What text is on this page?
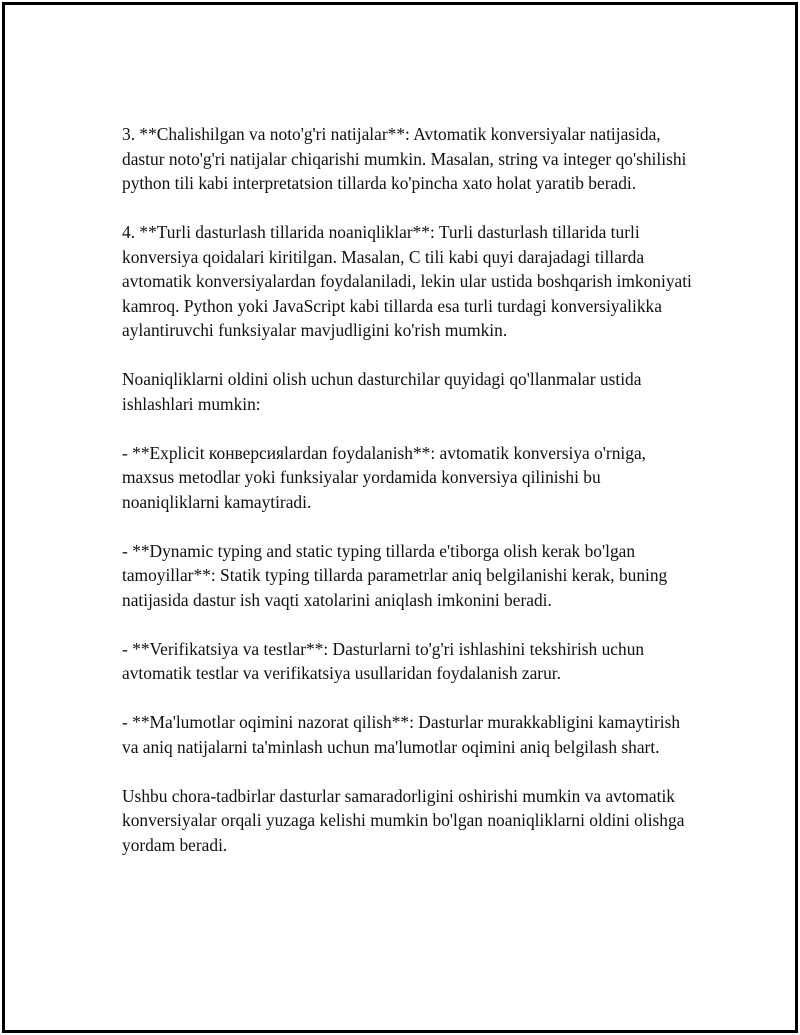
3. **Chalishilgan va noto'g'ri natijalar**: Avtomatik konversiyalar natijasida, dastur noto'g'ri natijalar chiqarishi mumkin. Masalan, string va integer qo'shilishi python tili kabi interpretatsion tillarda ko'pincha xato holat yaratib beradi.

4. **Turli dasturlash tillarida noaniqliklar**: Turli dasturlash tillarida turli konversiya qoidalari kiritilgan. Masalan, C tili kabi quyi darajadagi tillarda avtomatik konversiyalardan foydalaniladi, lekin ular ustida boshqarish imkoniyati kamroq. Python yoki JavaScript kabi tillarda esa turli turdagi konversiyalikka aylantiruvchi funksiyalar mavjudligini ko'rish mumkin.

Noaniqliklarni oldini olish uchun dasturchilar quyidagi qo'llanmalar ustida ishlashlari mumkin:

- **Explicit конверсияlardan foydalanish**: avtomatik konversiya o'rniga, maxsus metodlar yoki funksiyalar yordamida konversiya qilinishi bu noaniqliklarni kamaytiradi.

- **Dynamic typing and static typing tillarda e'tiborga olish kerak bo'lgan tamoyillar**: Statik typing tillarda parametrlar aniq belgilanishi kerak, buning natijasida dastur ish vaqti xatolarini aniqlash imkonini beradi.

- **Verifikatsiya va testlar**: Dasturlarni to'g'ri ishlashini tekshirish uchun avtomatik testlar va verifikatsiya usullaridan foydalanish zarur.

- **Ma'lumotlar oqimini nazorat qilish**: Dasturlar murakkabligini kamaytirish va aniq natijalarni ta'minlash uchun ma'lumotlar oqimini aniq belgilash shart.

Ushbu chora-tadbirlar dasturlar samaradorligini oshirishi mumkin va avtomatik konversiyalar orqali yuzaga kelishi mumkin bo'lgan noaniqliklarni oldini olishga yordam beradi.
